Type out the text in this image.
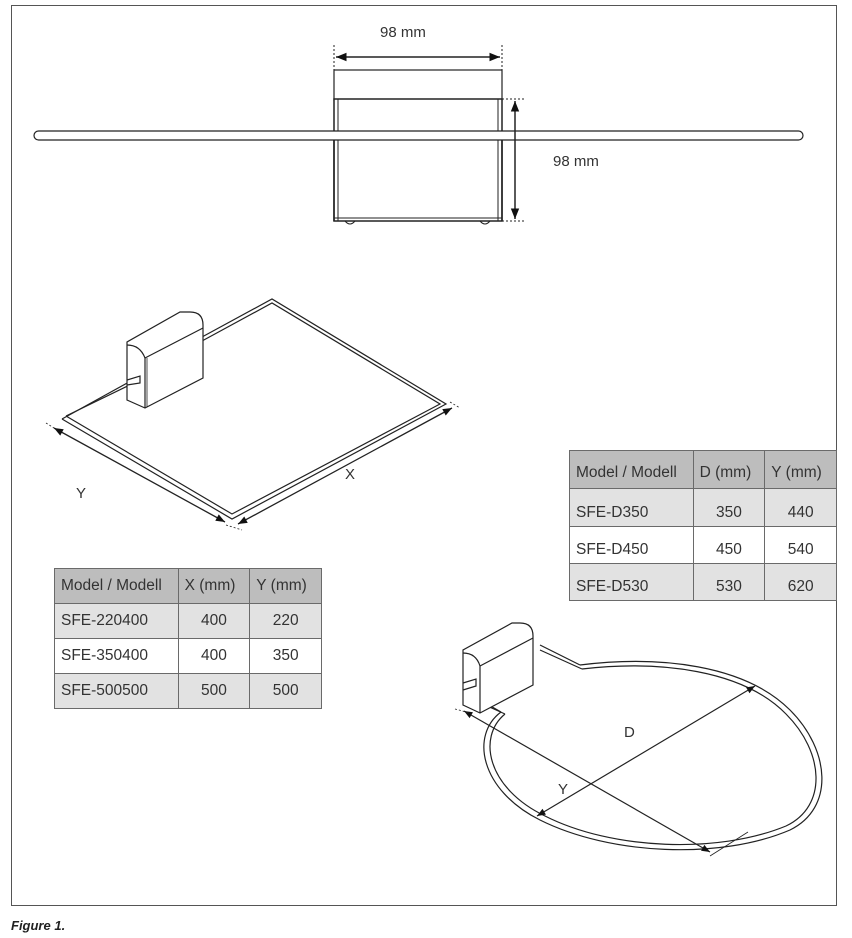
98 mm
98 mm
X
Y
D
Y
Model / Modell	X (mm)	Y (mm)
SFE-220400	400	220
SFE-350400	400	350
SFE-500500	500	500
Model / Modell	D (mm)	Y (mm)
SFE-D350	350	440
SFE-D450	450	540
SFE-D530	530	620
Figure 1.
